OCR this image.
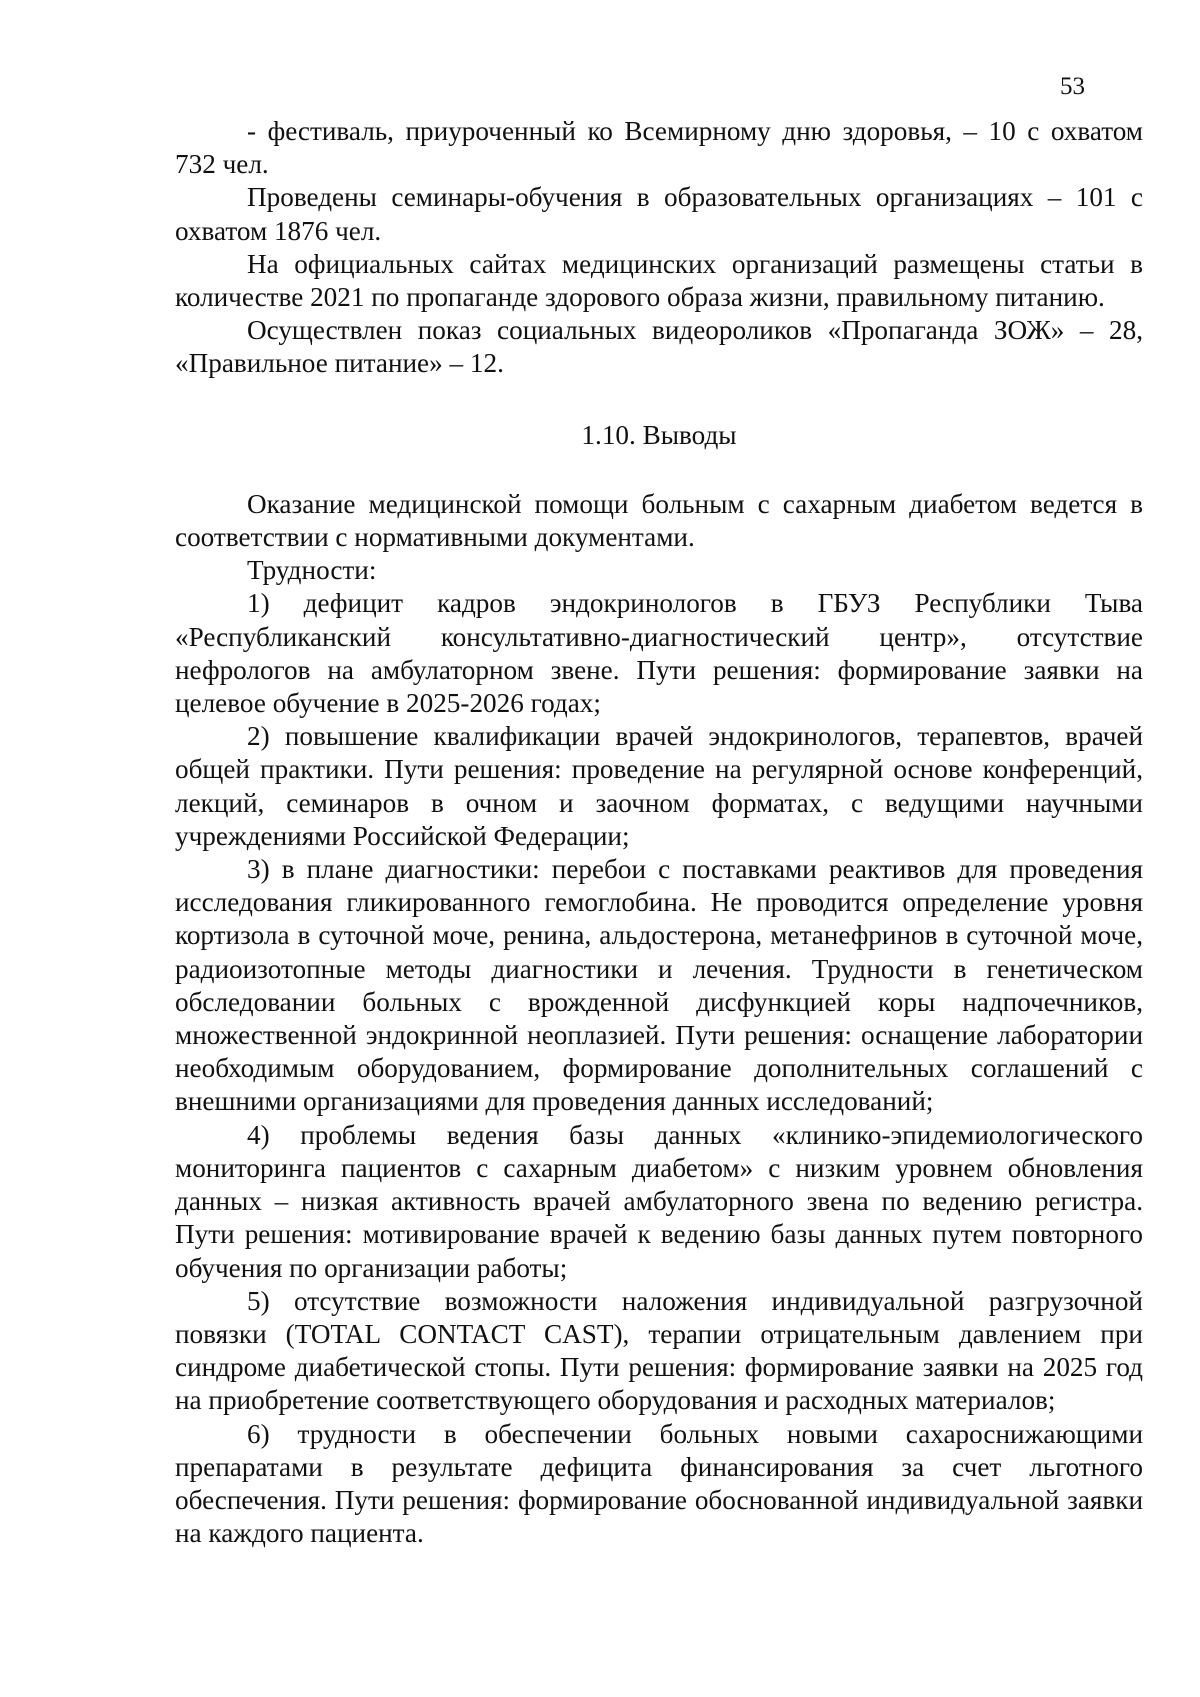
53

- фестиваль, приуроченный ко Всемирному дню здоровья, – 10 с охватом 732 чел.

Проведены семинары-обучения в образовательных организациях – 101 с охватом 1876 чел.

На официальных сайтах медицинских организаций размещены статьи в количестве 2021 по пропаганде здорового образа жизни, правильному питанию.

Осуществлен показ социальных видеороликов «Пропаганда ЗОЖ» – 28, «Правильное питание» – 12.

1.10. Выводы

Оказание медицинской помощи больным с сахарным диабетом ведется в соответствии с нормативными документами.

Трудности:

1) дефицит кадров эндокринологов в ГБУЗ Республики Тыва «Республиканский консультативно-диагностический центр», отсутствие нефрологов на амбулаторном звене. Пути решения: формирование заявки на целевое обучение в 2025-2026 годах;

2) повышение квалификации врачей эндокринологов, терапевтов, врачей общей практики. Пути решения: проведение на регулярной основе конференций, лекций, семинаров в очном и заочном форматах, с ведущими научными учреждениями Российской Федерации;

3) в плане диагностики: перебои с поставками реактивов для проведения исследования гликированного гемоглобина. Не проводится определение уровня кортизола в суточной моче, ренина, альдостерона, метанефринов в суточной моче, радиоизотопные методы диагностики и лечения. Трудности в генетическом обследовании больных с врожденной дисфункцией коры надпочечников, множественной эндокринной неоплазией. Пути решения: оснащение лаборатории необходимым оборудованием, формирование дополнительных соглашений с внешними организациями для проведения данных исследований;

4) проблемы ведения базы данных «клинико-эпидемиологического мониторинга пациентов с сахарным диабетом» с низким уровнем обновления данных – низкая активность врачей амбулаторного звена по ведению регистра. Пути решения: мотивирование врачей к ведению базы данных путем повторного обучения по организации работы;

5) отсутствие возможности наложения индивидуальной разгрузочной повязки (TOTAL CONTACT CAST), терапии отрицательным давлением при синдроме диабетической стопы. Пути решения: формирование заявки на 2025 год на приобретение соответствующего оборудования и расходных материалов;

6) трудности в обеспечении больных новыми сахароснижающими препаратами в результате дефицита финансирования за счет льготного обеспечения. Пути решения: формирование обоснованной индивидуальной заявки на каждого пациента.
